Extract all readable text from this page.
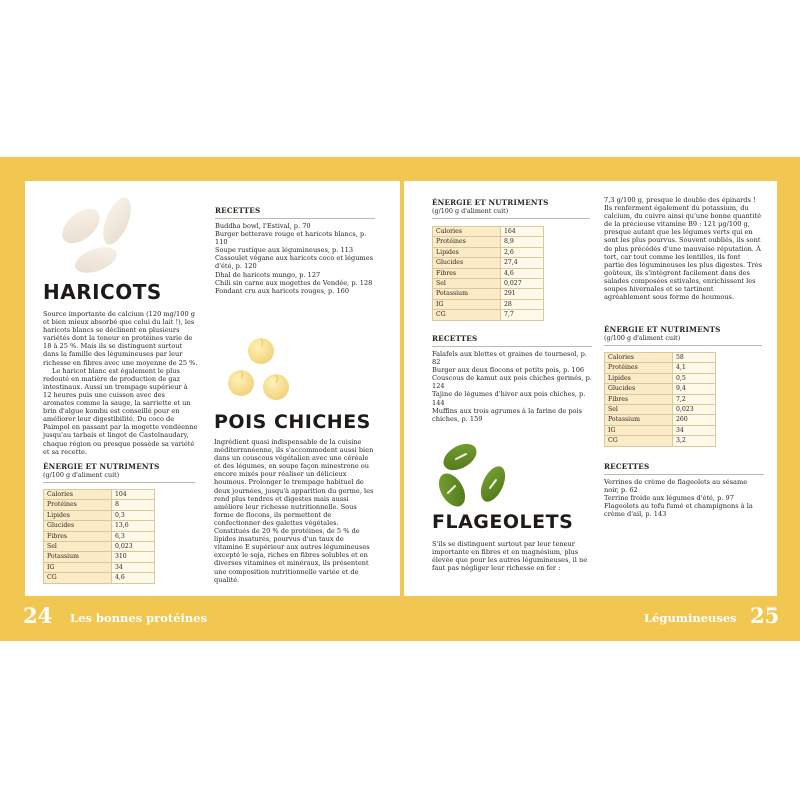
HARICOTS

Source importante de calcium (120 mg/100 g et bien mieux absorbé que celui du lait !), les haricots blancs se déclinent en plusieurs variétés dont la teneur en protéines varie de 18 à 25 %. Mais ils se distinguent surtout dans la famille des légumineuses par leur richesse en fibres avec une moyenne de 25 %.

Le haricot blanc est également le plus redouté en matière de production de gaz intestinaux. Aussi un trempage supérieur à 12 heures puis une cuisson avec des aromates comme la sauge, la sarriette et un brin d'algue kombu est conseillé pour en améliorer leur digestibilité. Du coco de Paimpol en passant par la mogette vendéenne jusqu'au tarbais et lingot de Castelnaudary, chaque région ou presque possède sa variété et sa recette.

ÉNERGIE ET NUTRIMENTS
(g/100 g d'aliment cuit)
Calories	104
Protéines	8
Lipides	0,3
Glucides	13,6
Fibres	6,3
Sel	0,023
Potassium	310
IG	34
CG	4,6
RECETTES
Buddha bowl, l'Estival, p. 70
Burger betterave rouge et haricots blancs, p. 110
Soupe rustique aux légumineuses, p. 113
Cassoulet végane aux haricots coco et légumes d'été, p. 120
Dhal de haricots mungo, p. 127
Chili sin carne aux mogettes de Vendée, p. 128
Fondant cru aux haricots rouges, p. 160
POIS CHICHES

Ingrédient quasi indispensable de la cuisine méditerranéenne, ils s'accommodent aussi bien dans un couscous végétalien avec une céréale et des légumes, en soupe façon minestrone ou encore mixés pour réaliser un délicieux houmous. Prolonger le trempage habituel de deux journées, jusqu'à apparition du germe, les rend plus tendres et digestes mais aussi améliore leur richesse nutritionnelle. Sous forme de flocons, ils permettent de confectionner des galettes végétales. Constitués de 20 % de protéines, de 5 % de lipides insaturés, pourvus d'un taux de vitamine E supérieur aux autres légumineuses excepté le soja, riches en fibres solubles et en diverses vitamines et minéraux, ils présentent une composition nutritionnelle variée et de qualité.

ÉNERGIE ET NUTRIMENTS
(g/100 g d'aliment cuit)
Calories	164
Protéines	8,9
Lipides	2,6
Glucides	27,4
Fibres	4,6
Sel	0,027
Potassium	291
IG	28
CG	7,7
RECETTES
Falafels aux blettes et graines de tournesol, p. 82
Burger aux deux flocons et petits pois, p. 106
Couscous de kamut aux pois chiches germés, p. 124
Tajine de légumes d'hiver aux pois chiches, p. 144
Muffins aux trois agrumes à la farine de pois chiches, p. 159
FLAGEOLETS

S'ils se distinguent surtout par leur teneur importante en fibres et en magnésium, plus élevée que pour les autres légumineuses, il ne faut pas négliger leur richesse en fer :

7,3 g/100 g, presque le double des épinards ! Ils renferment également du potassium, du calcium, du cuivre ainsi qu'une bonne quantité de la précieuse vitamine B9 : 121 µg/100 g, presque autant que les légumes verts qui en sont les plus pourvus. Souvent oubliés, ils sont de plus précédés d'une mauvaise réputation. À tort, car tout comme les lentilles, ils font partie des légumineuses les plus digestes. Très goûteux, ils s'intègrent facilement dans des salades composées estivales, enrichissent les soupes hivernales et se tartinent agréablement sous forme de houmous.

ÉNERGIE ET NUTRIMENTS
(g/100 g d'aliment cuit)
Calories	58
Protéines	4,1
Lipides	0,5
Glucides	9,4
Fibres	7,2
Sel	0,023
Potassium	260
IG	34
CG	3,2
RECETTES
Verrines de crème de flageolets au sésame noir, p. 62
Terrine froide aux légumes d'été, p. 97
Flageolets au tofu fumé et champignons à la crème d'ail, p. 143
24 Les bonnes protéines	Légumineuses 25
